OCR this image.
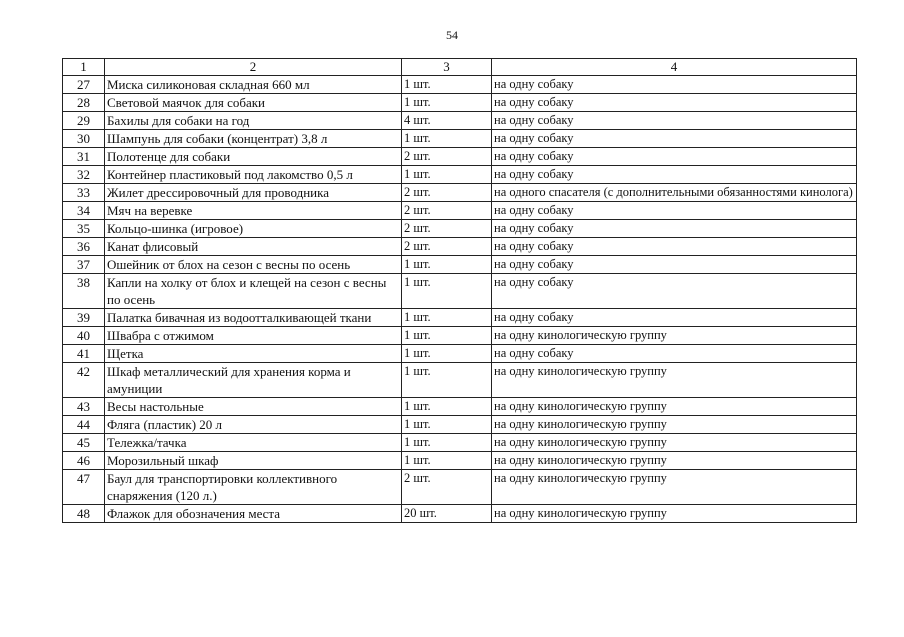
54
1	2	3	4
27	Миска силиконовая складная 660 мл	1 шт.	на одну собаку
28	Световой маячок для собаки	1 шт.	на одну собаку
29	Бахилы для собаки на год	4 шт.	на одну собаку
30	Шампунь для собаки (концентрат) 3,8 л	1 шт.	на одну собаку
31	Полотенце для собаки	2 шт.	на одну собаку
32	Контейнер пластиковый под лакомство 0,5 л	1 шт.	на одну собаку
33	Жилет дрессировочный для проводника	2 шт.	на одного спасателя (с дополнительными обязанностями кинолога)
34	Мяч на веревке	2 шт.	на одну собаку
35	Кольцо-шинка (игровое)	2 шт.	на одну собаку
36	Канат флисовый	2 шт.	на одну собаку
37	Ошейник от блох на сезон с весны по осень	1 шт.	на одну собаку
38	Капли на холку от блох и клещей на сезон с весны по осень	1 шт.	на одну собаку
39	Палатка бивачная из водоотталкивающей ткани	1 шт.	на одну собаку
40	Швабра с отжимом	1 шт.	на одну кинологическую группу
41	Щетка	1 шт.	на одну собаку
42	Шкаф металлический для хранения корма и амуниции	1 шт.	на одну кинологическую группу
43	Весы настольные	1 шт.	на одну кинологическую группу
44	Фляга (пластик) 20 л	1 шт.	на одну кинологическую группу
45	Тележка/тачка	1 шт.	на одну кинологическую группу
46	Морозильный шкаф	1 шт.	на одну кинологическую группу
47	Баул для транспортировки коллективного снаряжения (120 л.)	2 шт.	на одну кинологическую группу
48	Флажок для обозначения места	20 шт.	на одну кинологическую группу
